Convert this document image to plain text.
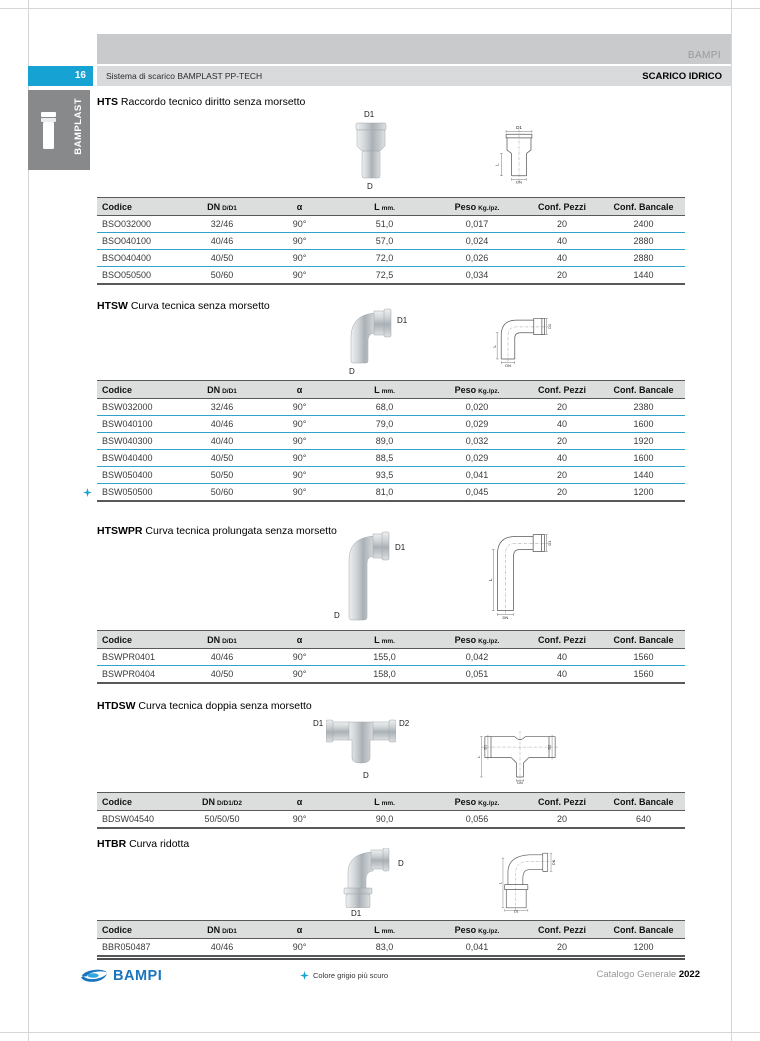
BAMPI
16	Sistema di scarico BAMPLAST PP-TECH	SCARICO IDRICO
BAMPLAST HTS Raccordo tecnico diritto senza morsetto
D1
D
D1
L
DN
Codice	DN D/D1	α	L mm.	Peso Kg./pz.	Conf. Pezzi	Conf. Bancale
BSO032000	32/46	90°	51,0	0,017	20	2400
BSO040100	40/46	90°	57,0	0,024	40	2880
BSO040400	40/50	90°	72,0	0,026	40	2880
BSO050500	50/60	90°	72,5	0,034	20	1440
HTSW Curva tecnica senza morsetto
D1
D
L
D1
DN
Codice	DN D/D1	α	L mm.	Peso Kg./pz.	Conf. Pezzi	Conf. Bancale
BSW032000	32/46	90°	68,0	0,020	20	2380
BSW040100	40/46	90°	79,0	0,029	40	1600
BSW040300	40/40	90°	89,0	0,032	20	1920
BSW040400	40/50	90°	88,5	0,029	40	1600
BSW050400	50/50	90°	93,5	0,041	20	1440

BSW050500	50/60	90°	81,0	0,045	20	1200
HTSWPR Curva tecnica prolungata senza morsetto
D1
D
L
D1
DN
Codice	DN D/D1	α	L mm.	Peso Kg./pz.	Conf. Pezzi	Conf. Bancale
BSWPR0401	40/46	90°	155,0	0,042	40	1560
BSWPR0404	40/50	90°	158,0	0,051	40	1560
HTDSW Curva tecnica doppia senza morsetto
D1	D2
D
L
D1	D2
DN
Codice	DN D/D1/D2	α	L mm.	Peso Kg./pz.	Conf. Pezzi	Conf. Bancale
BDSW04540	50/50/50	90°	90,0	0,056	20	640
HTBR Curva ridotta
D
D1
DN
L
D1
Codice	DN D/D1	α	L mm.	Peso Kg./pz.	Conf. Pezzi	Conf. Bancale
BBR050487	40/46	90°	83,0	0,041	20	1200
BAMPI	Colore grigio più scuro	Catalogo Generale 2022
